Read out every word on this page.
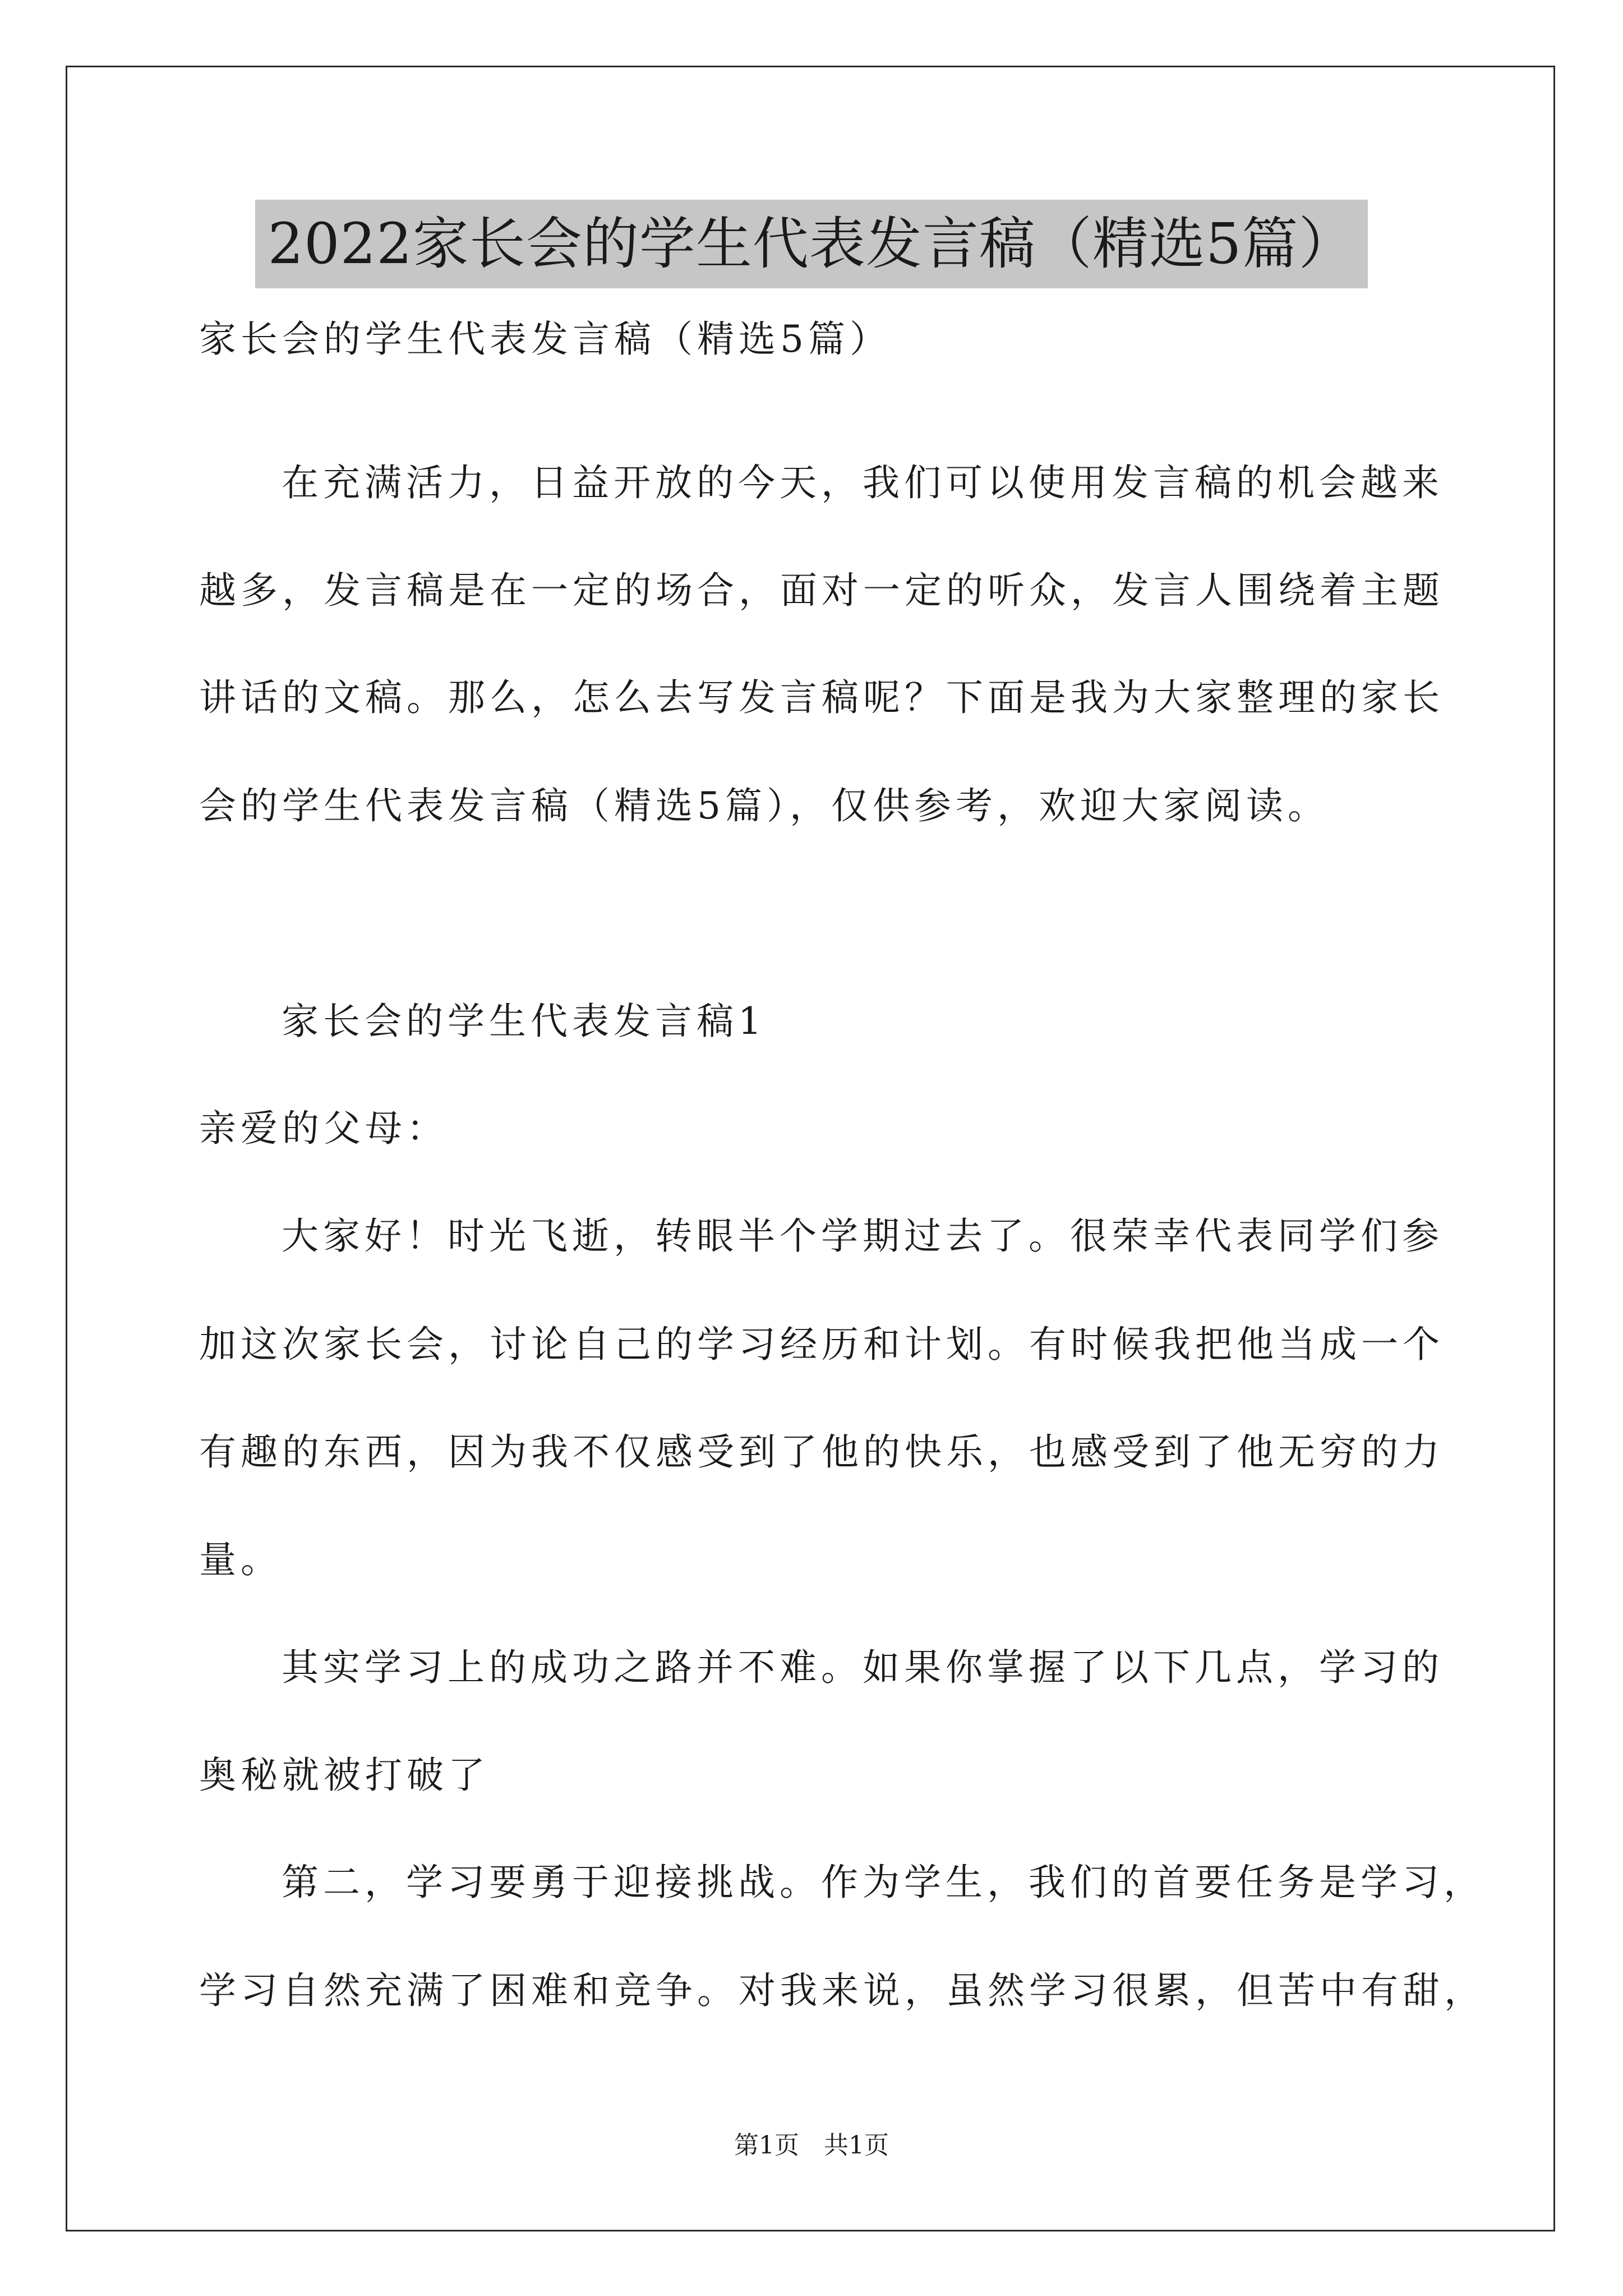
2022家长会的学生代表发言稿（精选5篇）
家长会的学生代表发言稿（精选5篇）
在充满活力，日益开放的今天，我们可以使用发言稿的机会越来
越多，发言稿是在一定的场合，面对一定的听众，发言人围绕着主题
讲话的文稿。那么，怎么去写发言稿呢？下面是我为大家整理的家长
会的学生代表发言稿（精选5篇），仅供参考，欢迎大家阅读。
家长会的学生代表发言稿1
亲爱的父母：
大家好！时光飞逝，转眼半个学期过去了。很荣幸代表同学们参
加这次家长会，讨论自己的学习经历和计划。有时候我把他当成一个
有趣的东西，因为我不仅感受到了他的快乐，也感受到了他无穷的力
量。
其实学习上的成功之路并不难。如果你掌握了以下几点，学习的
奥秘就被打破了
第二，学习要勇于迎接挑战。作为学生，我们的首要任务是学习，
学习自然充满了困难和竞争。对我来说，虽然学习很累，但苦中有甜，
第1页　共1页
